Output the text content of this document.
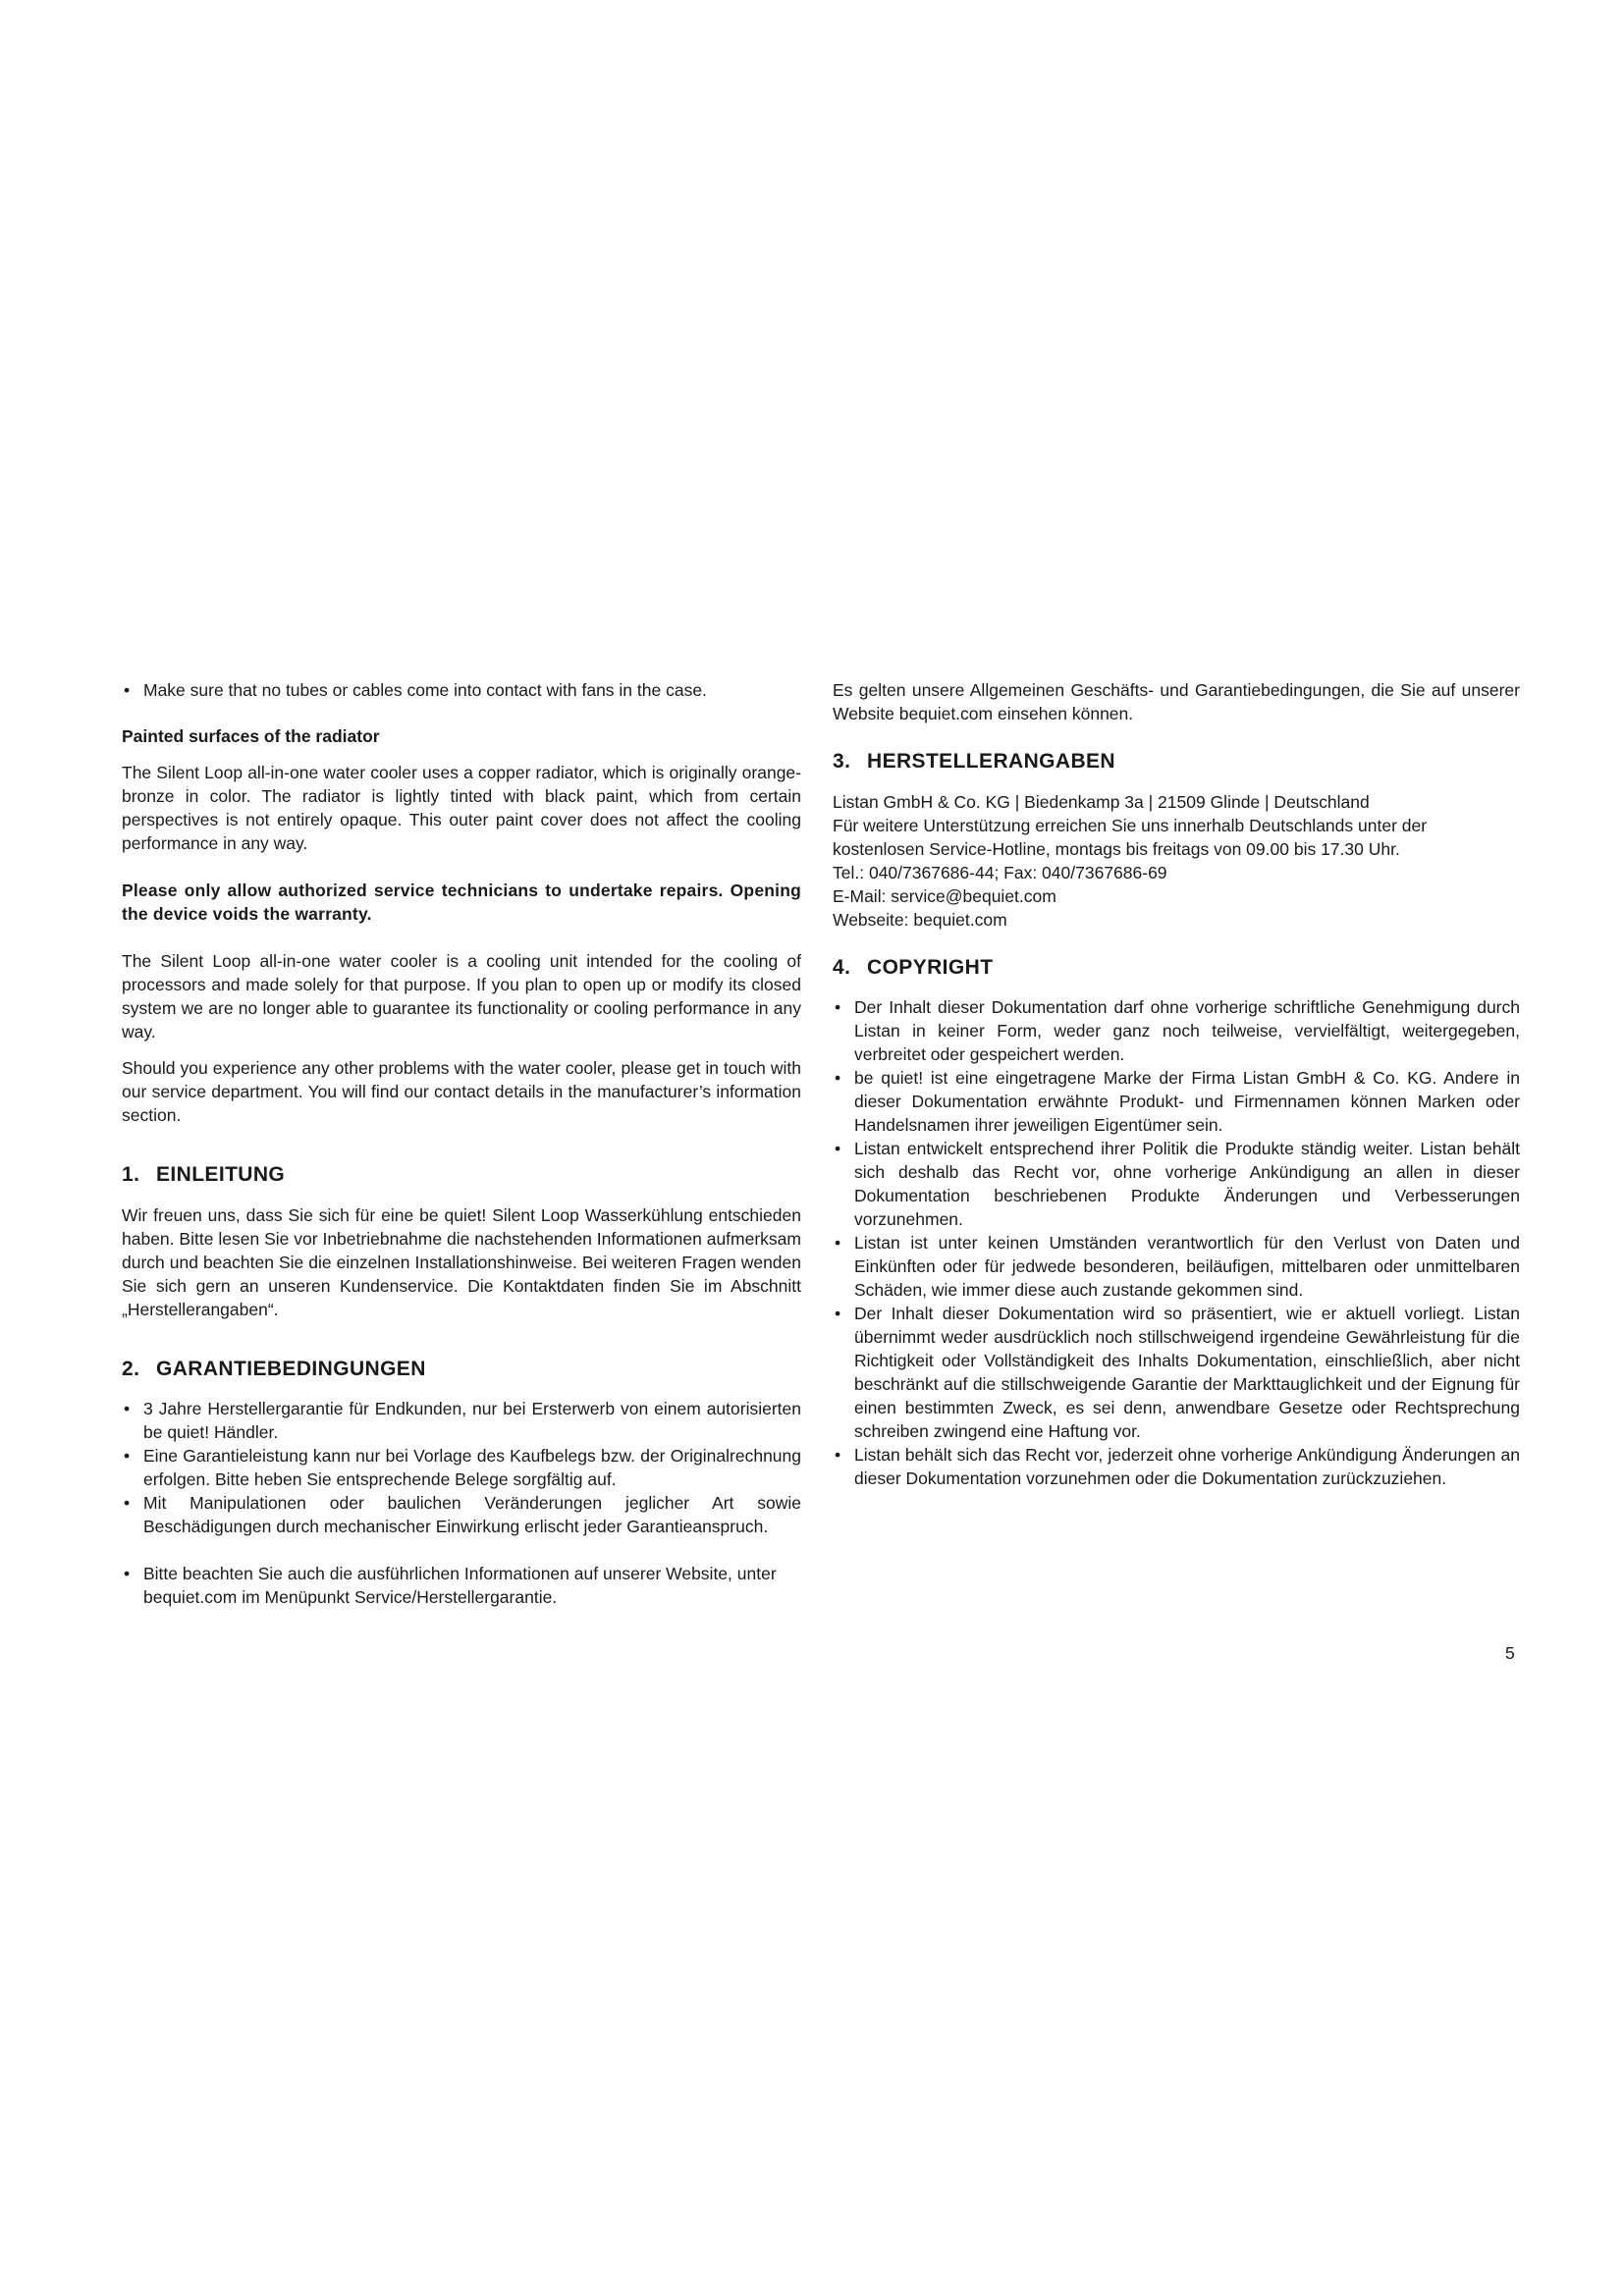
• Make sure that no tubes or cables come into contact with fans in the case.

Painted surfaces of the radiator

The Silent Loop all-in-one water cooler uses a copper radiator, which is originally orange-bronze in color. The radiator is lightly tinted with black paint, which from certain perspectives is not entirely opaque. This outer paint cover does not affect the cooling performance in any way.

Please only allow authorized service technicians to undertake repairs. Opening the device voids the warranty.

The Silent Loop all-in-one water cooler is a cooling unit intended for the cooling of processors and made solely for that purpose. If you plan to open up or modify its closed system we are no longer able to guarantee its functionality or cooling performance in any way.

Should you experience any other problems with the water cooler, please get in touch with our service department. You will find our contact details in the manufacturer’s information section.

1. EINLEITUNG

Wir freuen uns, dass Sie sich für eine be quiet! Silent Loop Wasserkühlung entschieden haben. Bitte lesen Sie vor Inbetriebnahme die nachstehenden Informationen aufmerksam durch und beachten Sie die einzelnen Installationshinweise. Bei weiteren Fragen wenden Sie sich gern an unseren Kundenservice. Die Kontaktdaten finden Sie im Abschnitt „Herstellerangaben“.

2. GARANTIEBEDINGUNGEN

• 3 Jahre Herstellergarantie für Endkunden, nur bei Ersterwerb von einem autorisierten be quiet! Händler.

• Eine Garantieleistung kann nur bei Vorlage des Kaufbelegs bzw. der Originalrechnung erfolgen. Bitte heben Sie entsprechende Belege sorgfältig auf.

• Mit Manipulationen oder baulichen Veränderungen jeglicher Art sowie Beschädigungen durch mechanischer Einwirkung erlischt jeder Garantieanspruch.

• Bitte beachten Sie auch die ausführlichen Informationen auf unserer Website, unter bequiet.com im Menüpunkt Service/Herstellergarantie.

Es gelten unsere Allgemeinen Geschäfts- und Garantiebedingungen, die Sie auf unserer Website bequiet.com einsehen können.

3. HERSTELLERANGABEN

Listan GmbH & Co. KG | Biedenkamp 3a | 21509 Glinde | Deutschland

Für weitere Unterstützung erreichen Sie uns innerhalb Deutschlands unter der kostenlosen Service-Hotline, montags bis freitags von 09.00 bis 17.30 Uhr.

Tel.: 040/7367686-44; Fax: 040/7367686-69

E-Mail: service@bequiet.com

Webseite: bequiet.com

4. COPYRIGHT

• Der Inhalt dieser Dokumentation darf ohne vorherige schriftliche Genehmigung durch Listan in keiner Form, weder ganz noch teilweise, vervielfältigt, weitergegeben, verbreitet oder gespeichert werden.

• be quiet! ist eine eingetragene Marke der Firma Listan GmbH & Co. KG. Andere in dieser Dokumentation erwähnte Produkt- und Firmennamen können Marken oder Handelsnamen ihrer jeweiligen Eigentümer sein.

• Listan entwickelt entsprechend ihrer Politik die Produkte ständig weiter. Listan behält sich deshalb das Recht vor, ohne vorherige Ankündigung an allen in dieser Dokumentation beschriebenen Produkte Änderungen und Verbesserungen vorzunehmen.

• Listan ist unter keinen Umständen verantwortlich für den Verlust von Daten und Einkünften oder für jedwede besonderen, beiläufigen, mittelbaren oder unmittelbaren Schäden, wie immer diese auch zustande gekommen sind.

• Der Inhalt dieser Dokumentation wird so präsentiert, wie er aktuell vorliegt. Listan übernimmt weder ausdrücklich noch stillschweigend irgendeine Gewährleistung für die Richtigkeit oder Vollständigkeit des Inhalts Dokumentation, einschließlich, aber nicht beschränkt auf die stillschweigende Garantie der Markttauglichkeit und der Eignung für einen bestimmten Zweck, es sei denn, anwendbare Gesetze oder Rechtsprechung schreiben zwingend eine Haftung vor.

• Listan behält sich das Recht vor, jederzeit ohne vorherige Ankündigung Änderungen an dieser Dokumentation vorzunehmen oder die Dokumentation zurückzuziehen.

5
